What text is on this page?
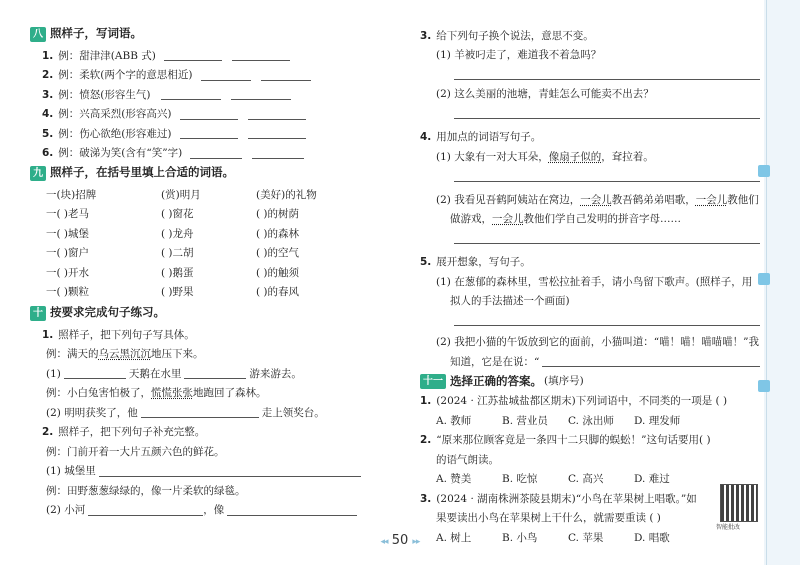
八 照样子，写词语。
1. 例：甜津津(ABB 式)
2. 例：柔软(两个字的意思相近)
3. 例：愤怒(形容生气)
4. 例：兴高采烈(形容高兴)
5. 例：伤心欲绝(形容难过)
6. 例：破涕为笑(含有“笑”字)
九 照样子，在括号里填上合适的词语。
一(块)招牌	(赏)明月	(美好)的礼物
一( )老马	( )窗花	( )的树荫
一( )城堡	( )龙舟	( )的森林
一( )窗户	( )二胡	( )的空气
一( )开水	( )鹅蛋	( )的触须
一( )颗粒	( )野果	( )的春风
十 按要求完成句子练习。
1. 照样子，把下列句子写具体。
例：满天的 乌云 黑沉沉 地压下来。
(1)	天鹅在水里	游来游去。
例：小白兔害怕极了， 慌慌张张 地跑回了森林。
(2) 明明获奖了，他	走上领奖台。
2. 照样子，把下列句子补充完整。
例：门前开着一大片五颜六色的鲜花。
(1) 城堡里
例：田野葱葱绿绿的，像一片柔软的绿毯。
(2) 小河	，像
3. 给下列句子换个说法，意思不变。
(1) 羊被叼走了，难道我不着急吗？
(2) 这么美丽的池塘，青蛙怎么可能卖不出去？
4. 用加点的词语写句子。
(1) 大象有一对大耳朵， 像扇子似的 ，耷拉着。
(2) 我看见吾鹤阿姨站在窝边， 一会儿 教吾鹤弟弟唱歌， 一会儿 教他们
做游戏， 一会儿 教他们学自己发明的拼音字母……
5. 展开想象，写句子。
(1) 在葱郁的森林里，雪松拉扯着手，请小鸟留下歌声。(照样子，用
拟人的手法描述一个画面)
(2) 我把小猫的午饭放到它的面前，小猫叫道：“喵！喵！喵喵喵！”我
知道，它是在说：“
十一 选择正确的答案。 (填序号)
1. (2024 · 江苏盐城盐都区期末)下列词语中，不同类的一项是 ( )
A. 教师	B. 营业员	C. 泳出师	D. 理发师
2. “原来那位顾客竟是一条四十二只脚的蜈蚣！”这句话要用( )
的语气朗读。
A. 赞美	B. 吃惊	C. 高兴	D. 难过
3. (2024 · 湖南株洲茶陵县期末)“小鸟在苹果树上唱歌。”如
果要读出小鸟在苹果树上干什么，就需要重读 ( )
A. 树上	B. 小鸟	C. 苹果	D. 唱歌
智能批改
◂◂ 50 ▸▸
